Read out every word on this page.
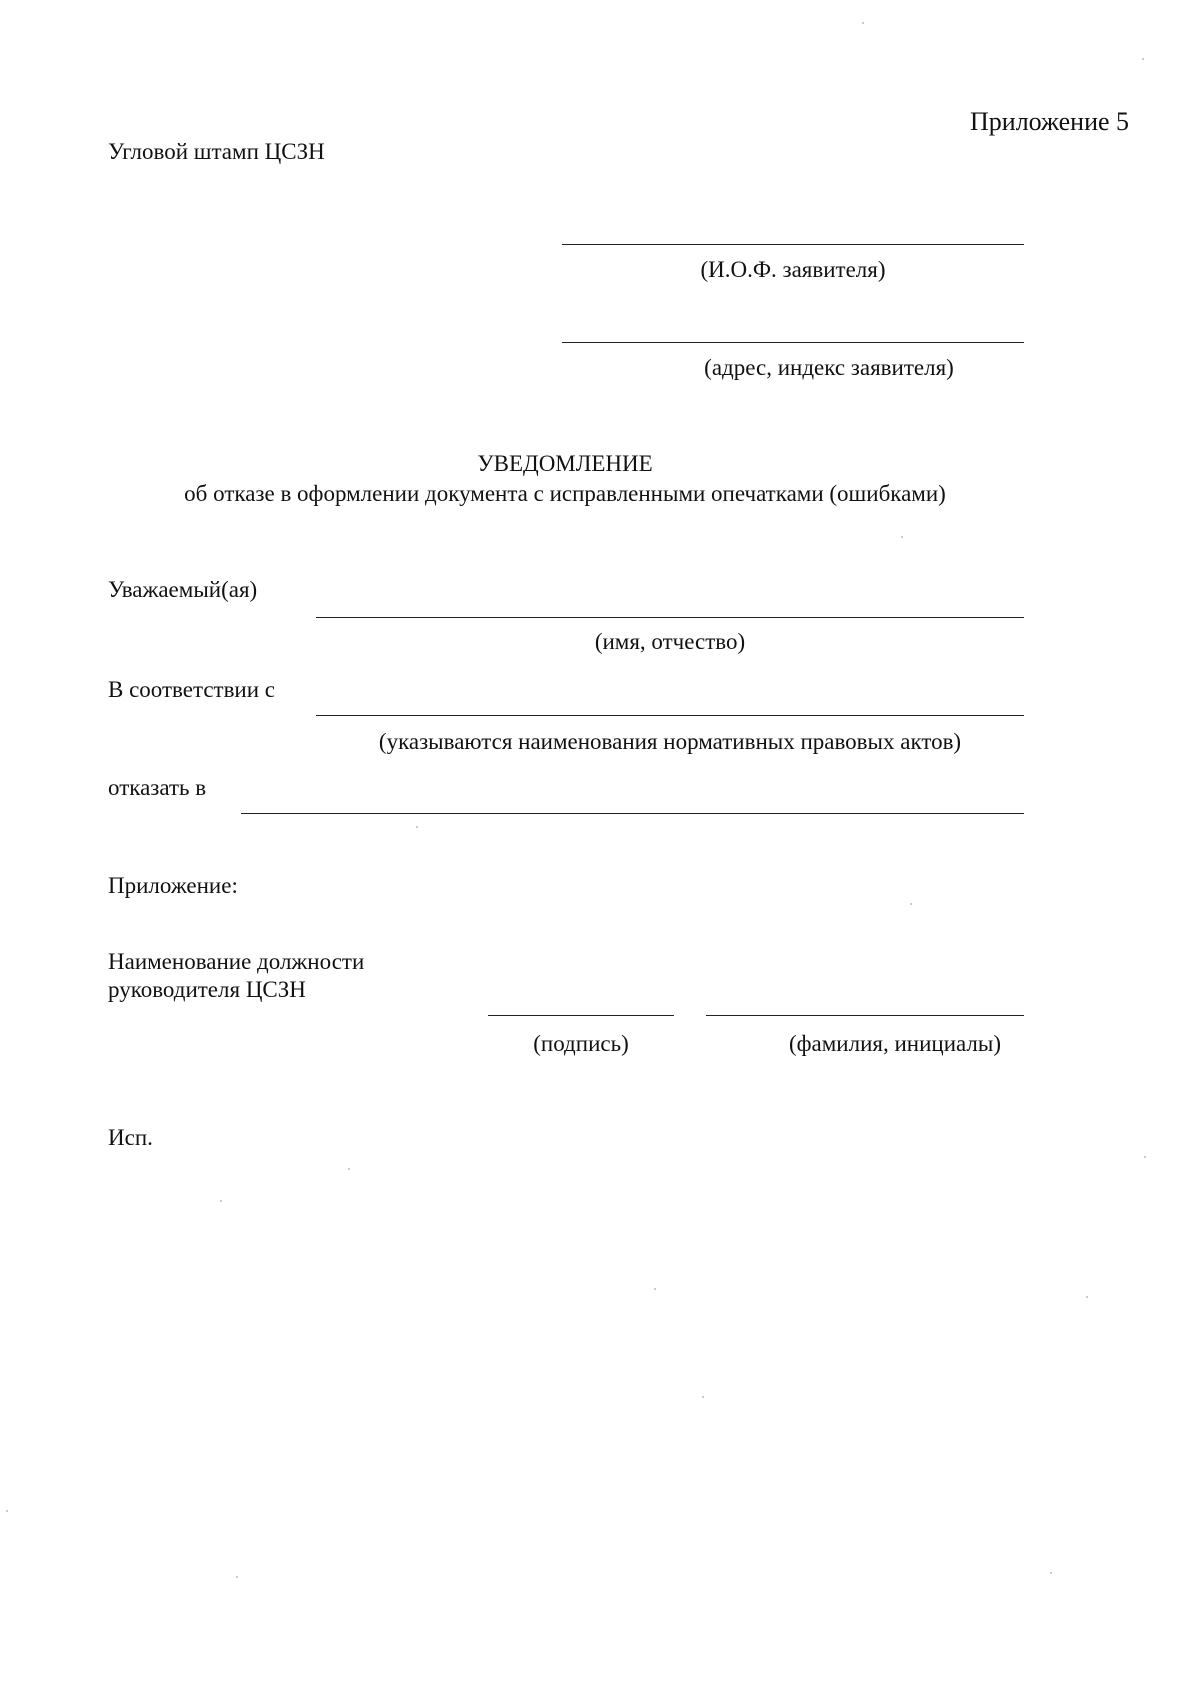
Приложение 5
Угловой штамп ЦСЗН
(И.О.Ф. заявителя)
(адрес, индекс заявителя)
УВЕДОМЛЕНИЕ
об отказе в оформлении документа с исправленными опечатками (ошибками)
Уважаемый(ая)
(имя, отчество)
В соответствии с
(указываются наименования нормативных правовых актов)
отказать в
Приложение:
Наименование должности
руководителя ЦСЗН
(подпись)	(фамилия, инициалы)
Исп.
